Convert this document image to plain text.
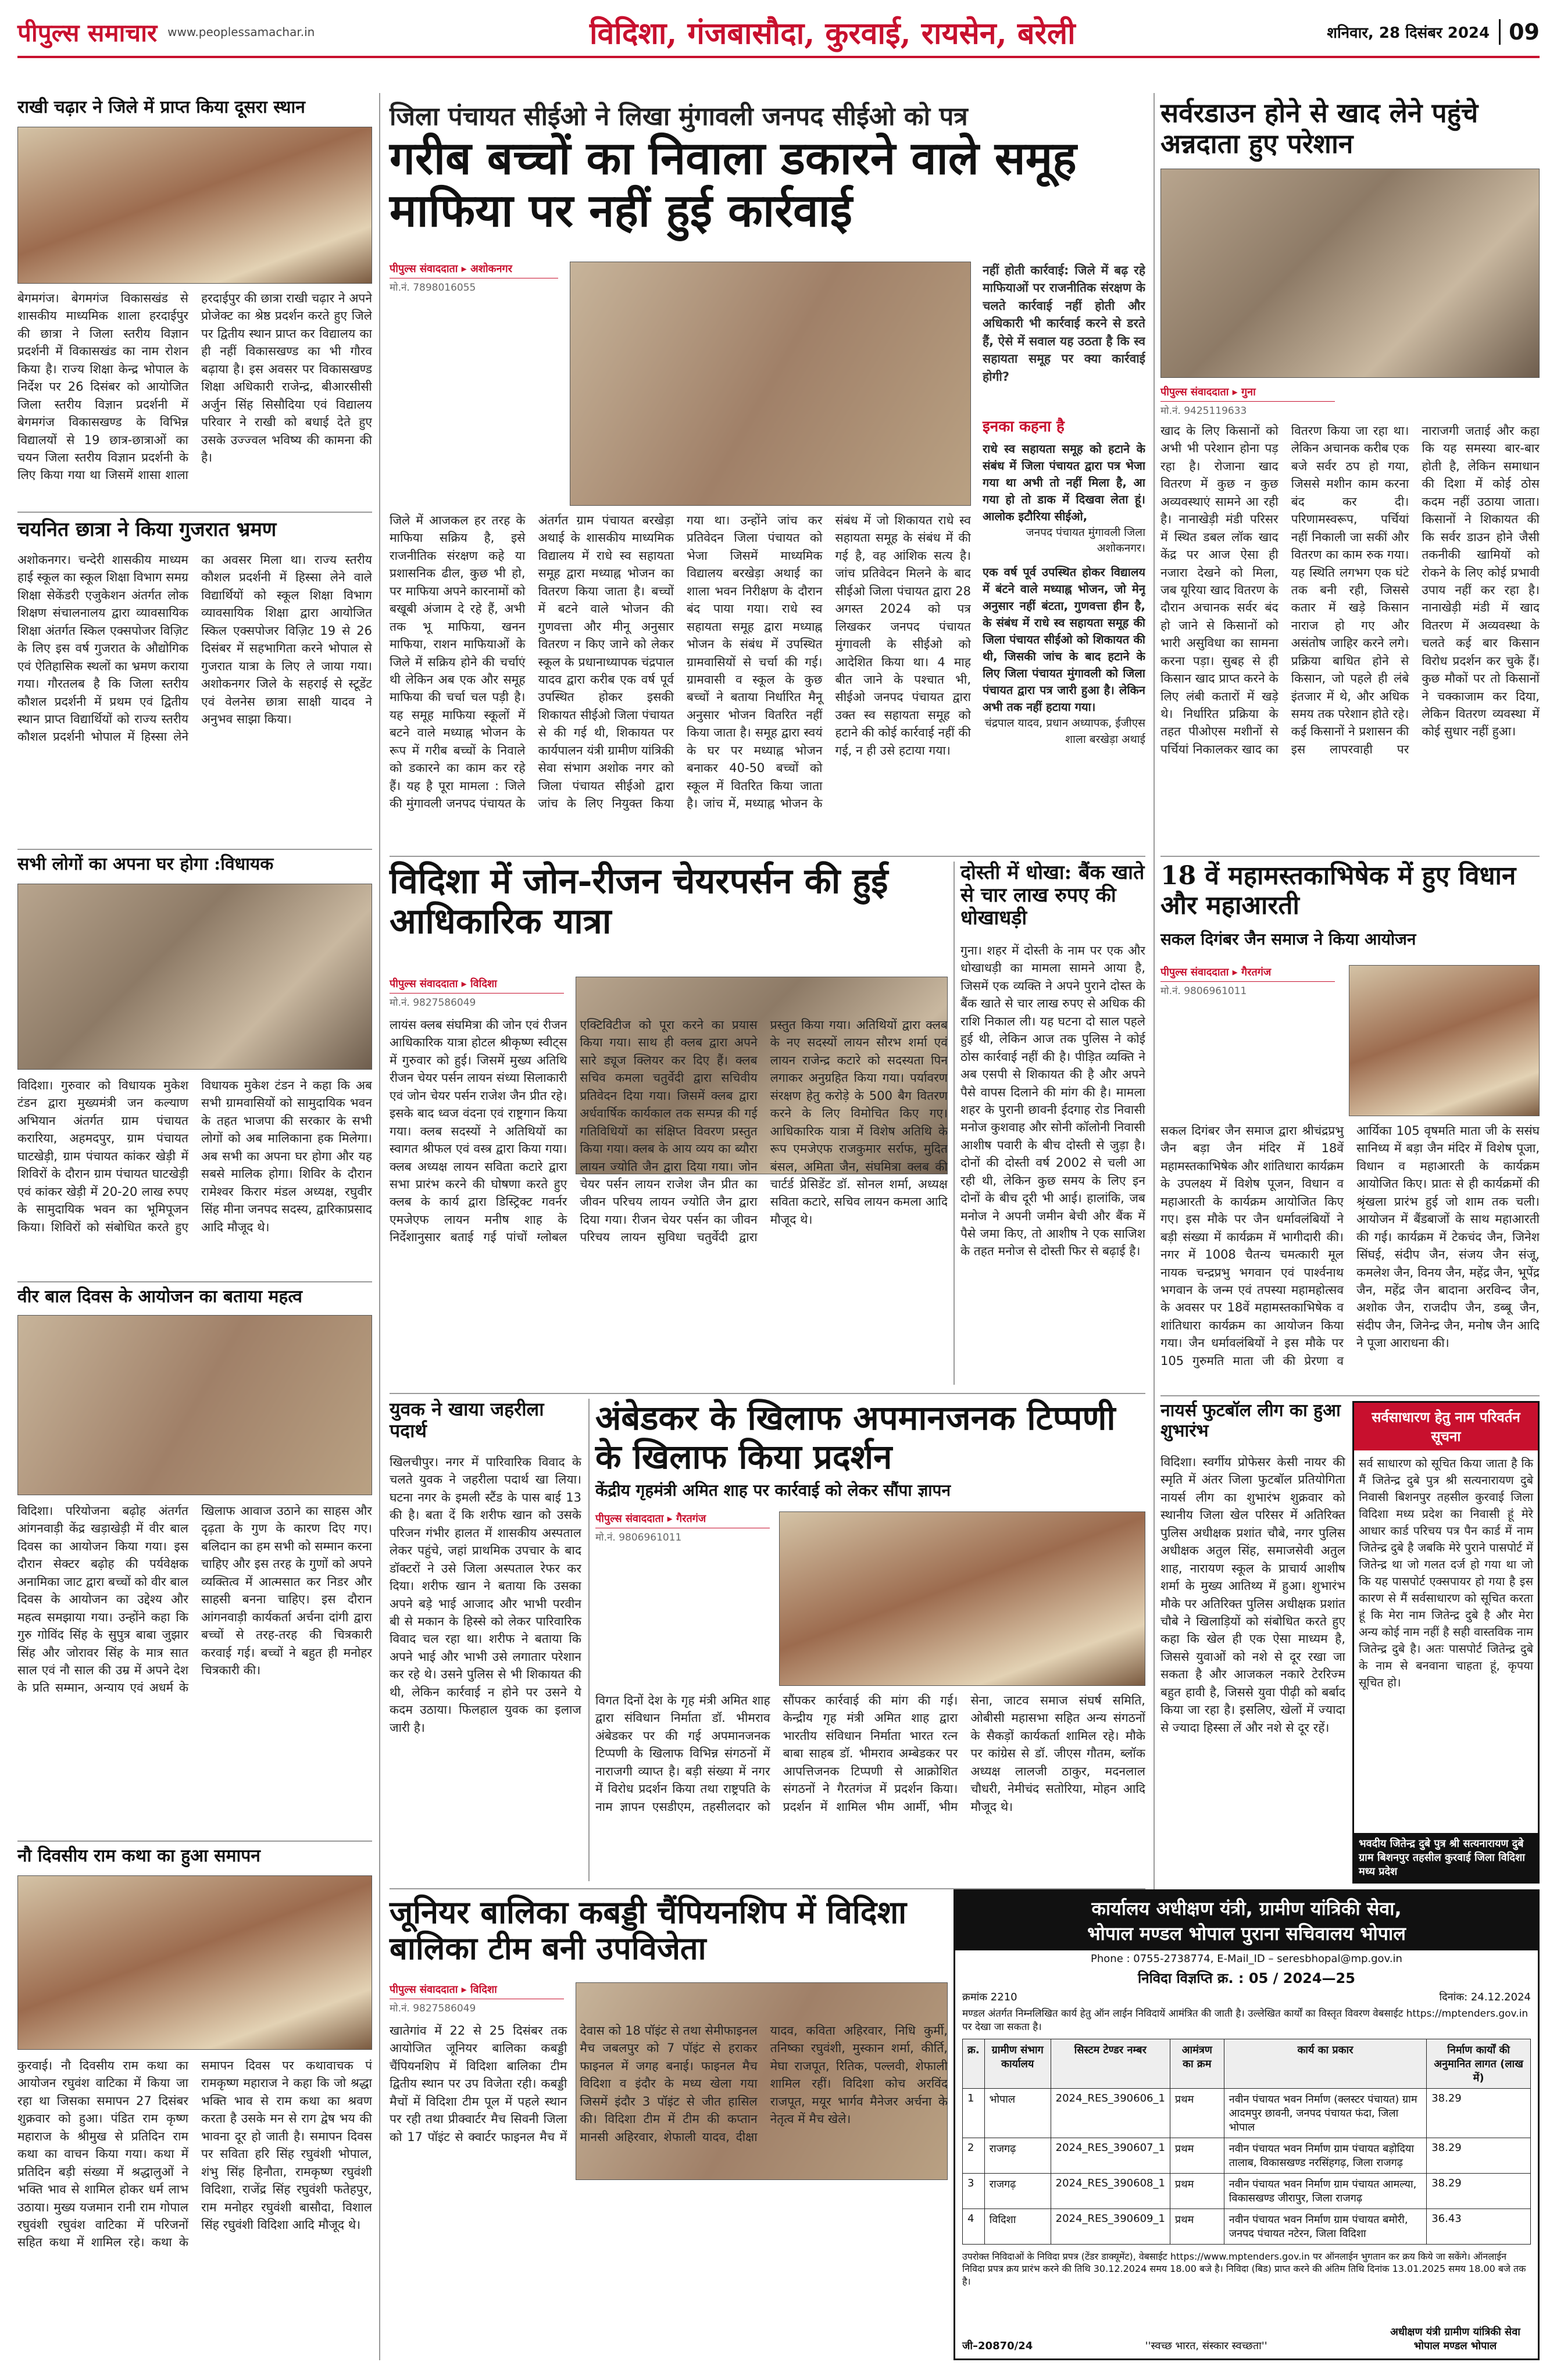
पीपुल्स समाचार www.peoplessamachar.in	विदिशा, गंजबासौदा, कुरवाई, रायसेन, बरेली	शनिवार, 28 दिसंबर 2024 09
राखी चढ़ार ने जिले में प्राप्त किया दूसरा स्थान
बेगमगंज। बेगमगंज विकासखंड से शासकीय माध्यमिक शाला हरदाईपुर की छात्रा ने जिला स्तरीय विज्ञान प्रदर्शनी में विकासखंड का नाम रोशन किया है। राज्य शिक्षा केन्द्र भोपाल के निर्देश पर 26 दिसंबर को आयोजित जिला स्तरीय विज्ञान प्रदर्शनी में बेगमगंज विकासखण्ड के विभिन्न विद्यालयों से 19 छात्र-छात्राओं का चयन जिला स्तरीय विज्ञान प्रदर्शनी के लिए किया गया था जिसमें शासा शाला हरदाईपुर की छात्रा राखी चढ़ार ने अपने प्रोजेक्ट का श्रेष्ठ प्रदर्शन करते हुए जिले पर द्वितीय स्थान प्राप्त कर विद्यालय का ही नहीं विकासखण्ड का भी गौरव बढ़ाया है। इस अवसर पर विकासखण्ड शिक्षा अधिकारी राजेन्द्र, बीआरसीसी अर्जुन सिंह सिसौदिया एवं विद्यालय परिवार ने राखी को बधाई देते हुए उसके उज्ज्वल भविष्य की कामना की है।
चयनित छात्रा ने किया गुजरात भ्रमण
अशोकनगर। चन्देरी शासकीय माध्यम हाई स्कूल का स्कूल शिक्षा विभाग समग्र शिक्षा सेकेंडरी एजुकेशन अंतर्गत लोक शिक्षण संचालनालय द्वारा व्यावसायिक शिक्षा अंतर्गत स्किल एक्सपोजर विज़िट के लिए इस वर्ष गुजरात के औद्योगिक एवं ऐतिहासिक स्थलों का भ्रमण कराया गया। गौरतलब है कि जिला स्तरीय कौशल प्रदर्शनी में प्रथम एवं द्वितीय स्थान प्राप्त विद्यार्थियों को राज्य स्तरीय कौशल प्रदर्शनी भोपाल में हिस्सा लेने का अवसर मिला था। राज्य स्तरीय कौशल प्रदर्शनी में हिस्सा लेने वाले विद्यार्थियों को स्कूल शिक्षा विभाग व्यावसायिक शिक्षा द्वारा आयोजित स्किल एक्सपोजर विज़िट 19 से 26 दिसंबर में सहभागिता करने भोपाल से गुजरात यात्रा के लिए ले जाया गया। अशोकनगर जिले के सहराई से स्टूडेंट एवं वेलनेस छात्रा साक्षी यादव ने अनुभव साझा किया।
सभी लोगों का अपना घर होगा :विधायक
विदिशा। गुरुवार को विधायक मुकेश टंडन द्वारा मुख्यमंत्री जन कल्याण अभियान अंतर्गत ग्राम पंचायत करारिया, अहमदपुर, ग्राम पंचायत घाटखेड़ी, ग्राम पंचायत कांकर खेड़ी में शिविरों के दौरान ग्राम पंचायत घाटखेड़ी एवं कांकर खेड़ी में 20-20 लाख रुपए के सामुदायिक भवन का भूमिपूजन किया। शिविरों को संबोधित करते हुए विधायक मुकेश टंडन ने कहा कि अब सभी ग्रामवासियों को सामुदायिक भवन के तहत भाजपा की सरकार के सभी लोगों को अब मालिकाना हक मिलेगा। अब सभी का अपना घर होगा और यह सबसे मालिक होगा। शिविर के दौरान रामेश्वर किरार मंडल अध्यक्ष, रघुवीर सिंह मीना जनपद सदस्य, द्वारिकाप्रसाद आदि मौजूद थे।
वीर बाल दिवस के आयोजन का बताया महत्व
विदिशा। परियोजना बढ़ोह अंतर्गत आंगनवाड़ी केंद्र खड़ाखेड़ी में वीर बाल दिवस का आयोजन किया गया। इस दौरान सेक्टर बढ़ोह की पर्यवेक्षक अनामिका जाट द्वारा बच्चों को वीर बाल दिवस के आयोजन का उद्देश्य और महत्व समझाया गया। उन्होंने कहा कि गुरु गोविंद सिंह के सुपुत्र बाबा जुझार सिंह और जोरावर सिंह के मात्र सात साल एवं नौ साल की उम्र में अपने देश के प्रति सम्मान, अन्याय एवं अधर्म के खिलाफ आवाज उठाने का साहस और दृढ़ता के गुण के कारण दिए गए। बलिदान का हम सभी को सम्मान करना चाहिए और इस तरह के गुणों को अपने व्यक्तित्व में आत्मसात कर निडर और साहसी बनना चाहिए। इस दौरान आंगनवाड़ी कार्यकर्ता अर्चना दांगी द्वारा बच्चों से तरह-तरह की चित्रकारी करवाई गई। बच्चों ने बहुत ही मनोहर चित्रकारी की।
नौ दिवसीय राम कथा का हुआ समापन
कुरवाई। नौ दिवसीय राम कथा का आयोजन रघुवंश वाटिका में किया जा रहा था जिसका समापन 27 दिसंबर शुक्रवार को हुआ। पंडित राम कृष्ण महाराज के श्रीमुख से प्रतिदिन राम कथा का वाचन किया गया। कथा में प्रतिदिन बड़ी संख्या में श्रद्धालुओं ने भक्ति भाव से शामिल होकर धर्म लाभ उठाया। मुख्य यजमान रानी राम गोपाल रघुवंशी रघुवंश वाटिका में परिजनों सहित कथा में शामिल रहे। कथा के समापन दिवस पर कथावाचक पं रामकृष्ण महाराज ने कहा कि जो श्रद्धा भक्ति भाव से राम कथा का श्रवण करता है उसके मन से राग द्वेष भय की भावना दूर हो जाती है। समापन दिवस पर सविता हरि सिंह रघुवंशी भोपाल, शंभु सिंह हिनौता, रामकृष्ण रघुवंशी विदिशा, राजेंद्र सिंह रघुवंशी फतेहपुर, राम मनोहर रघुवंशी बासौदा, विशाल सिंह रघुवंशी विदिशा आदि मौजूद थे।
जिला पंचायत सीईओ ने लिखा मुंगावली जनपद सीईओ को पत्र
गरीब बच्चों का निवाला डकारने वाले समूह माफिया पर नहीं हुई कार्रवाई
पीपुल्स संवाददाता ▸ अशोकनगर
मो.नं. 7898016055
जिले में आजकल हर तरह के माफिया सक्रिय है, इसे राजनीतिक संरक्षण कहे या प्रशासनिक ढील, कुछ भी हो, पर माफिया अपने कारनामों को बखूबी अंजाम दे रहे हैं, अभी तक भू माफिया, खनन माफिया, राशन माफियाओं के जिले में सक्रिय होने की चर्चाएं थी लेकिन अब एक और समूह माफिया की चर्चा चल पड़ी है। यह समूह माफिया स्कूलों में बटने वाले मध्याह्न भोजन के रूप में गरीब बच्चों के निवाले को डकारने का काम कर रहे हैं। यह है पूरा मामला : जिले की मुंगावली जनपद पंचायत के अंतर्गत ग्राम पंचायत बरखेड़ा अथाई के शासकीय माध्यमिक विद्यालय में राधे स्व सहायता समूह द्वारा मध्याह्न भोजन का वितरण किया जाता है। बच्चों में बटने वाले भोजन की गुणवत्ता और मीनू अनुसार वितरण न किए जाने को लेकर स्कूल के प्रधानाध्यापक चंद्रपाल यादव द्वारा करीब एक वर्ष पूर्व उपस्थित होकर इसकी शिकायत सीईओ जिला पंचायत से की गई थी, शिकायत पर कार्यपालन यंत्री ग्रामीण यांत्रिकी सेवा संभाग अशोक नगर को जिला पंचायत सीईओ द्वारा जांच के लिए नियुक्त किया गया था। उन्होंने जांच कर प्रतिवेदन जिला पंचायत को भेजा जिसमें माध्यमिक विद्यालय बरखेड़ा अथाई का शाला भवन निरीक्षण के दौरान बंद पाया गया। राधे स्व सहायता समूह द्वारा मध्याह्न भोजन के संबंध में उपस्थित ग्रामवासियों से चर्चा की गई। ग्रामवासी व स्कूल के कुछ बच्चों ने बताया निर्धारित मैनू अनुसार भोजन वितरित नहीं किया जाता है। समूह द्वारा स्वयं के घर पर मध्याह्न भोजन बनाकर 40-50 बच्चों को स्कूल में वितरित किया जाता है। जांच में, मध्याह्न भोजन के संबंध में जो शिकायत राधे स्व सहायता समूह के संबंध में की गई है, वह आंशिक सत्य है। जांच प्रतिवेदन मिलने के बाद सीईओ जिला पंचायत द्वारा 28 अगस्त 2024 को पत्र लिखकर जनपद पंचायत मुंगावली के सीईओ को आदेशित किया था। 4 माह बीत जाने के पश्चात भी, सीईओ जनपद पंचायत द्वारा उक्त स्व सहायता समूह को हटाने की कोई कार्रवाई नहीं की गई, न ही उसे हटाया गया।
नहीं होती कार्रवाई: जिले में बढ़ रहे माफियाओं पर राजनीतिक संरक्षण के चलते कार्रवाई नहीं होती और अधिकारी भी कार्रवाई करने से डरते हैं, ऐसे में सवाल यह उठता है कि स्व सहायता समूह पर क्या कार्रवाई होगी?
इनका कहना है
राधे स्व सहायता समूह को हटाने के संबंध में जिला पंचायत द्वारा पत्र भेजा गया था अभी तो नहीं मिला है, आ गया हो तो डाक में दिखवा लेता हूं। आलोक इटौरिया सीईओ,
जनपद पंचायत मुंगावली जिला अशोकनगर।
एक वर्ष पूर्व उपस्थित होकर विद्यालय में बंटने वाले मध्याह्न भोजन, जो मेनू अनुसार नहीं बंटता, गुणवत्ता हीन है, के संबंध में राधे स्व सहायता समूह की जिला पंचायत सीईओ को शिकायत की थी, जिसकी जांच के बाद हटाने के लिए जिला पंचायत मुंगावली को जिला पंचायत द्वारा पत्र जारी हुआ है। लेकिन अभी तक नहीं हटाया गया।
चंद्रपाल यादव, प्रधान अध्यापक, ईजीएस शाला बरखेड़ा अथाई
विदिशा में जोन-रीजन चेयरपर्सन की हुई आधिकारिक यात्रा
पीपुल्स संवाददाता ▸ विदिशा
मो.नं. 9827586049
लायंस क्लब संघमित्रा की जोन एवं रीजन आधिकारिक यात्रा होटल श्रीकृष्ण स्वीट्स में गुरुवार को हुई। जिसमें मुख्य अतिथि रीजन चेयर पर्सन लायन संध्या सिलाकारी एवं जोन चेयर पर्सन राजेश जैन प्रीत रहे। इसके बाद ध्वज वंदना एवं राष्ट्रगान किया गया। क्लब सदस्यों ने अतिथियों का स्वागत श्रीफल एवं वस्त्र द्वारा किया गया। क्लब अध्यक्ष लायन सविता कटारे द्वारा सभा प्रारंभ करने की घोषणा करते हुए क्लब के कार्य द्वारा डिस्ट्रिक्ट गवर्नर एमजेएफ लायन मनीष शाह के निर्देशानुसार बताई गई पांचों ग्लोबल एक्टिविटीज को पूरा करने का प्रयास किया गया। साथ ही क्लब द्वारा अपने सारे ड्यूज क्लियर कर दिए हैं। क्लब सचिव कमला चतुर्वेदी द्वारा सचिवीय प्रतिवेदन दिया गया। जिसमें क्लब द्वारा अर्धवार्षिक कार्यकाल तक सम्पन्न की गई गतिविधियों का संक्षिप्त विवरण प्रस्तुत किया गया। क्लब के आय व्यय का ब्यौरा लायन ज्योति जैन द्वारा दिया गया। जोन चेयर पर्सन लायन राजेश जैन प्रीत का जीवन परिचय लायन ज्योति जैन द्वारा दिया गया। रीजन चेयर पर्सन का जीवन परिचय लायन सुविधा चतुर्वेदी द्वारा प्रस्तुत किया गया। अतिथियों द्वारा क्लब के नए सदस्यों लायन सौरभ शर्मा एवं लायन राजेन्द्र कटारे को सदस्यता पिन लगाकर अनुग्रहित किया गया। पर्यावरण संरक्षण हेतु करोड़े के 500 बैग वितरण करने के लिए विमोचित किए गए। आधिकारिक यात्रा में विशेष अतिथि के रूप एमजेएफ राजकुमार सर्राफ, मुदित बंसल, अमिता जैन, संघमित्रा क्लब की चार्टर्ड प्रेसिडेंट डॉ. सोनल शर्मा, अध्यक्ष सविता कटारे, सचिव लायन कमला आदि मौजूद थे।
दोस्ती में धोखा: बैंक खाते से चार लाख रुपए की धोखाधड़ी
गुना। शहर में दोस्ती के नाम पर एक और धोखाधड़ी का मामला सामने आया है, जिसमें एक व्यक्ति ने अपने पुराने दोस्त के बैंक खाते से चार लाख रुपए से अधिक की राशि निकाल ली। यह घटना दो साल पहले हुई थी, लेकिन आज तक पुलिस ने कोई ठोस कार्रवाई नहीं की है। पीड़ित व्यक्ति ने अब एसपी से शिकायत की है और अपने पैसे वापस दिलाने की मांग की है। मामला शहर के पुरानी छावनी ईदगाह रोड निवासी मनोज कुशवाह और सोनी कॉलोनी निवासी आशीष पवारी के बीच दोस्ती से जुड़ा है। दोनों की दोस्ती वर्ष 2002 से चली आ रही थी, लेकिन कुछ समय के लिए इन दोनों के बीच दूरी भी आई। हालांकि, जब मनोज ने अपनी जमीन बेची और बैंक में पैसे जमा किए, तो आशीष ने एक साजिश के तहत मनोज से दोस्ती फिर से बढ़ाई है।
युवक ने खाया जहरीला पदार्थ
खिलचीपुर। नगर में पारिवारिक विवाद के चलते युवक ने जहरीला पदार्थ खा लिया। घटना नगर के इमली स्टैंड के पास बाई 13 की है। बता दें कि शरीफ खान को उसके परिजन गंभीर हालत में शासकीय अस्पताल लेकर पहुंचे, जहां प्राथमिक उपचार के बाद डॉक्टरों ने उसे जिला अस्पताल रेफर कर दिया। शरीफ खान ने बताया कि उसका अपने बड़े भाई आजाद और भाभी परवीन बी से मकान के हिस्से को लेकर पारिवारिक विवाद चल रहा था। शरीफ ने बताया कि अपने भाई और भाभी उसे लगातार परेशान कर रहे थे। उसने पुलिस से भी शिकायत की थी, लेकिन कार्रवाई न होने पर उसने ये कदम उठाया। फिलहाल युवक का इलाज जारी है।
अंबेडकर के खिलाफ अपमानजनक टिप्पणी के खिलाफ किया प्रदर्शन
केंद्रीय गृहमंत्री अमित शाह पर कार्रवाई को लेकर सौंपा ज्ञापन
पीपुल्स संवाददाता ▸ गैरतगंज
मो.नं. 9806961011
विगत दिनों देश के गृह मंत्री अमित शाह द्वारा संविधान निर्माता डॉ. भीमराव अंबेडकर पर की गई अपमानजनक टिप्पणी के खिलाफ विभिन्न संगठनों में नाराजगी व्याप्त है। बड़ी संख्या में नगर में विरोध प्रदर्शन किया तथा राष्ट्रपति के नाम ज्ञापन एसडीएम, तहसीलदार को सौंपकर कार्रवाई की मांग की गई। केन्द्रीय गृह मंत्री अमित शाह द्वारा भारतीय संविधान निर्माता भारत रत्न बाबा साहब डॉ. भीमराव अम्बेडकर पर आपत्तिजनक टिप्पणी से आक्रोशित संगठनों ने गैरतगंज में प्रदर्शन किया। प्रदर्शन में शामिल भीम आर्मी, भीम सेना, जाटव समाज संघर्ष समिति, ओबीसी महासभा सहित अन्य संगठनों के सैकड़ों कार्यकर्ता शामिल रहे। मौके पर कांग्रेस से डॉ. जीएस गौतम, ब्लॉक अध्यक्ष लालजी ठाकुर, मदनलाल चौधरी, नेमीचंद सतोरिया, मोहन आदि मौजूद थे।
जूनियर बालिका कबड्डी चैंपियनशिप में विदिशा बालिका टीम बनी उपविजेता
पीपुल्स संवाददाता ▸ विदिशा
मो.नं. 9827586049
खातेगांव में 22 से 25 दिसंबर तक आयोजित जूनियर बालिका कबड्डी चैंपियनशिप में विदिशा बालिका टीम द्वितीय स्थान पर उप विजेता रही। कबड्डी मैचों में विदिशा टीम पूल में पहले स्थान पर रही तथा प्रीक्वार्टर मैच सिवनी जिला को 17 पॉइंट से क्वार्टर फाइनल मैच में देवास को 18 पॉइंट से तथा सेमीफाइनल मैच जबलपुर को 7 पॉइंट से हराकर फाइनल में जगह बनाई। फाइनल मैच विदिशा व इंदौर के मध्य खेला गया जिसमें इंदौर 3 पॉइंट से जीत हासिल की। विदिशा टीम में टीम की कप्तान मानसी अहिरवार, शेफाली यादव, दीक्षा यादव, कविता अहिरवार, निधि कुर्मी, तनिष्का रघुवंशी, मुस्कान शर्मा, कीर्ति, मेघा राजपूत, रितिक, पल्लवी, शेफाली शामिल रहीं। विदिशा कोच अरविंद राजपूत, मयूर भार्गव मैनेजर अर्चना के नेतृत्व में मैच खेले।
सर्वरडाउन होने से खाद लेने पहुंचे अन्नदाता हुए परेशान
पीपुल्स संवाददाता ▸ गुना
मो.नं. 9425119633
खाद के लिए किसानों को अभी भी परेशान होना पड़ रहा है। रोजाना खाद वितरण में कुछ न कुछ अव्यवस्थाएं सामने आ रही है। नानाखेड़ी मंडी परिसर में स्थित डबल लॉक खाद केंद्र पर आज ऐसा ही नजारा देखने को मिला, जब यूरिया खाद वितरण के दौरान अचानक सर्वर बंद हो जाने से किसानों को भारी असुविधा का सामना करना पड़ा। सुबह से ही किसान खाद प्राप्त करने के लिए लंबी कतारों में खड़े थे। निर्धारित प्रक्रिया के तहत पीओएस मशीनों से पर्चियां निकालकर खाद का वितरण किया जा रहा था। लेकिन अचानक करीब एक बजे सर्वर ठप हो गया, जिससे मशीन काम करना बंद कर दी। परिणामस्वरूप, पर्चियां नहीं निकाली जा सकीं और वितरण का काम रुक गया। यह स्थिति लगभग एक घंटे तक बनी रही, जिससे कतार में खड़े किसान नाराज हो गए और असंतोष जाहिर करने लगे। प्रक्रिया बाधित होने से किसान, जो पहले ही लंबे इंतजार में थे, और अधिक समय तक परेशान होते रहे। कई किसानों ने प्रशासन की इस लापरवाही पर नाराजगी जताई और कहा कि यह समस्या बार-बार होती है, लेकिन समाधान की दिशा में कोई ठोस कदम नहीं उठाया जाता। किसानों ने शिकायत की कि सर्वर डाउन होने जैसी तकनीकी खामियों को रोकने के लिए कोई प्रभावी उपाय नहीं कर रहा है। नानाखेड़ी मंडी में खाद वितरण में अव्यवस्था के चलते कई बार किसान विरोध प्रदर्शन कर चुके हैं। कुछ मौकों पर तो किसानों ने चक्काजाम कर दिया, लेकिन वितरण व्यवस्था में कोई सुधार नहीं हुआ।
18 वें महामस्तकाभिषेक में हुए विधान और महाआरती
सकल दिगंबर जैन समाज ने किया आयोजन
पीपुल्स संवाददाता ▸ गैरतगंज
मो.नं. 9806961011
सकल दिगंबर जैन समाज द्वारा श्रीचंद्रप्रभु जैन बड़ा जैन मंदिर में 18वें महामस्तकाभिषेक और शांतिधारा कार्यक्रम के उपलक्ष्य में विशेष पूजन, विधान व महाआरती के कार्यक्रम आयोजित किए गए। इस मौके पर जैन धर्मावलंबियों ने बड़ी संख्या में कार्यक्रम में भागीदारी की। नगर में 1008 चैतन्य चमत्कारी मूल नायक चन्द्रप्रभु भगवान एवं पार्श्वनाथ भगवान के जन्म एवं तपस्या महामहोत्सव के अवसर पर 18वें महामस्तकाभिषेक व शांतिधारा कार्यक्रम का आयोजन किया गया। जैन धर्मावलंबियों ने इस मौके पर 105 गुरुमति माता जी की प्रेरणा व आर्यिका 105 वृषमति माता जी के ससंघ सानिध्य में बड़ा जैन मंदिर में विशेष पूजा, विधान व महाआरती के कार्यक्रम आयोजित किए। प्रातः से ही कार्यक्रमों की श्रृंखला प्रारंभ हुई जो शाम तक चली। आयोजन में बैंडबाजों के साथ महाआरती की गई। कार्यक्रम में टेकचंद जैन, जिनेश सिंघई, संदीप जैन, संजय जैन संजू, कमलेश जैन, विनय जैन, महेंद्र जैन, भूपेंद्र जैन, महेंद्र जैन बादाना अरविन्द जैन, अशोक जैन, राजदीप जैन, डब्बू जैन, संदीप जैन, जिनेन्द्र जैन, मनोष जैन आदि ने पूजा आराधना की।
नायर्स फुटबॉल लीग का हुआ शुभारंभ
विदिशा। स्वर्गीय प्रोफेसर केसी नायर की स्मृति में अंतर जिला फुटबॉल प्रतियोगिता नायर्स लीग का शुभारंभ शुक्रवार को स्थानीय जिला खेल परिसर में अतिरिक्त पुलिस अधीक्षक प्रशांत चौबे, नगर पुलिस अधीक्षक अतुल सिंह, समाजसेवी अतुल शाह, नारायण स्कूल के प्राचार्य आशीष शर्मा के मुख्य आतिथ्य में हुआ। शुभारंभ मौके पर अतिरिक्त पुलिस अधीक्षक प्रशांत चौबे ने खिलाड़ियों को संबोधित करते हुए कहा कि खेल ही एक ऐसा माध्यम है, जिससे युवाओं को नशे से दूर रखा जा सकता है और आजकल नकारे टेररिज्म बहुत हावी है, जिससे युवा पीढ़ी को बर्बाद किया जा रहा है। इसलिए, खेलों में ज्यादा से ज्यादा हिस्सा लें और नशे से दूर रहें।
सर्वसाधारण हेतु नाम परिवर्तन सूचना
सर्व साधारण को सूचित किया जाता है कि मैं जितेन्द्र दुबे पुत्र श्री सत्यनारायण दुबे निवासी बिशनपुर तहसील कुरवाई जिला विदिशा मध्य प्रदेश का निवासी हूं मेरे आधार कार्ड परिचय पत्र पैन कार्ड में नाम जितेन्द्र दुबे है जबकि मेरे पुराने पासपोर्ट में जितेन्द्र था जो गलत दर्ज हो गया था जो कि यह पासपोर्ट एक्सपायर हो गया है इस कारण से मैं सर्वसाधारण को सूचित करता हूं कि मेरा नाम जितेन्द्र दुबे है और मेरा अन्य कोई नाम नहीं है सही वास्तविक नाम जितेन्द्र दुबे है। अतः पासपोर्ट जितेन्द्र दुबे के नाम से बनवाना चाहता हूं, कृपया सूचित हो।
भवदीय जितेन्द्र दुबे पुत्र श्री सत्यनारायण दुबे ग्राम बिशनपुर तहसील कुरवाई जिला विदिशा मध्य प्रदेश
कार्यालय अधीक्षण यंत्री, ग्रामीण यांत्रिकी सेवा,
भोपाल मण्डल भोपाल पुराना सचिवालय भोपाल
Phone : 0755-2738774, E-Mail_ID – seresbhopal@mp.gov.in
निविदा विज्ञप्ति क्र. : 05 / 2024—25
क्रमांक 2210	दिनांक: 24.12.2024
मण्डल अंतर्गत निम्नलिखित कार्य हेतु ऑन लाईन निविदायें आमंत्रित की जाती है। उल्लेखित कार्यों का विस्तृत विवरण वेबसाईट https://mptenders.gov.in पर देखा जा सकता है।
क्र.	ग्रामीण संभाग कार्यालय	सिस्टम टेण्डर नम्बर	आमंत्रण का क्रम	कार्य का प्रकार	निर्माण कार्यों की अनुमानित लागत (लाख में)
1	भोपाल	2024_RES_390606_1	प्रथम	नवीन पंचायत भवन निर्माण (क्लस्टर पंचायत) ग्राम आदमपुर छावनी, जनपद पंचायत फंदा, जिला भोपाल	38.29
2	राजगढ़	2024_RES_390607_1	प्रथम	नवीन पंचायत भवन निर्माण ग्राम पंचायत बड़ोदिया तालाब, विकासखण्ड नरसिंहगढ़, जिला राजगढ़	38.29
3	राजगढ़	2024_RES_390608_1	प्रथम	नवीन पंचायत भवन निर्माण ग्राम पंचायत आमल्या, विकासखण्ड जीरापुर, जिला राजगढ़	38.29
4	विदिशा	2024_RES_390609_1	प्रथम	नवीन पंचायत भवन निर्माण ग्राम पंचायत बमोरी, जनपद पंचायत नटेरन, जिला विदिशा	36.43
उपरोक्त निविदाओं के निविदा प्रपत्र (टेंडर डाक्यूमेंट), वेबसाईट https://www.mptenders.gov.in पर ऑनलाईन भुगतान कर क्रय किये जा सकेंगे। ऑनलाईन निविदा प्रपत्र क्रय प्रारंभ करने की तिथि 30.12.2024 समय 18.00 बजे है। निविदा (बिड) प्राप्त करने की अंतिम तिथि दिनांक 13.01.2025 समय 18.00 बजे तक है।
जी–20870/24	''स्वच्छ भारत, संस्कार स्वच्छता''
अधीक्षण यंत्री ग्रामीण यांत्रिकी सेवा भोपाल मण्डल भोपाल
